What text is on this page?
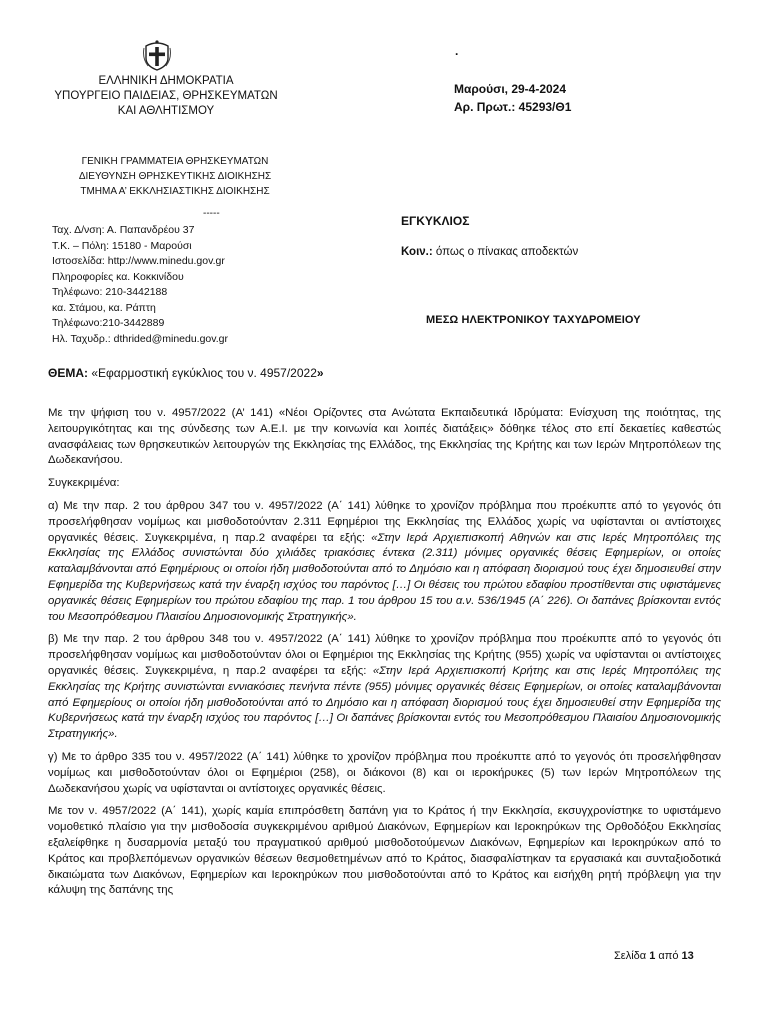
ΕΛΛΗΝΙΚΗ ΔΗΜΟΚΡΑΤΙΑ
ΥΠΟΥΡΓΕΙΟ ΠΑΙΔΕΙΑΣ, ΘΡΗΣΚΕΥΜΑΤΩΝ
ΚΑΙ ΑΘΛΗΤΙΣΜΟΥ
ΓΕΝΙΚΗ ΓΡΑΜΜΑΤΕΙΑ ΘΡΗΣΚΕΥΜΑΤΩΝ
ΔΙΕΥΘΥΝΣΗ ΘΡΗΣΚΕΥΤΙΚΗΣ ΔΙΟΙΚΗΣΗΣ
ΤΜΗΜΑ Α’ ΕΚΚΛΗΣΙΑΣΤΙΚΗΣ ΔΙΟΙΚΗΣΗΣ
-----
Ταχ. Δ/νση: Α. Παπανδρέου 37
Τ.Κ. – Πόλη: 15180 - Μαρούσι
Ιστοσελίδα: http://www.minedu.gov.gr
Πληροφορίες κα. Κοκκινίδου
Τηλέφωνο: 210-3442188
κα. Στάμου, κα. Ράπτη
Τηλέφωνο:210-3442889
Ηλ. Ταχυδρ.: dthrided@minedu.gov.gr
.
Μαρούσι, 29-4-2024
Αρ. Πρωτ.: 45293/Θ1
ΕΓΚΥΚΛΙΟΣ
Κοιν.: όπως ο πίνακας αποδεκτών
ΜΕΣΩ ΗΛΕΚΤΡΟΝΙΚΟΥ ΤΑΧΥΔΡΟΜΕΙΟΥ
ΘΕΜΑ: «Εφαρμοστική εγκύκλιος του ν. 4957/2022»

Με την ψήφιση του ν. 4957/2022 (Α’ 141) «Νέοι Ορίζοντες στα Ανώτατα Εκπαιδευτικά Ιδρύματα: Ενίσχυση της ποιότητας, της λειτουργικότητας και της σύνδεσης των Α.Ε.Ι. με την κοινωνία και λοιπές διατάξεις» δόθηκε τέλος στο επί δεκαετίες καθεστώς ανασφάλειας των θρησκευτικών λειτουργών της Εκκλησίας της Ελλάδος, της Εκκλησίας της Κρήτης και των Ιερών Μητροπόλεων της Δωδεκανήσου.

Συγκεκριμένα:

α) Με την παρ. 2 του άρθρου 347 του ν. 4957/2022 (Α΄ 141) λύθηκε το χρονίζον πρόβλημα που προέκυπτε από το γεγονός ότι προσελήφθησαν νομίμως και μισθοδοτούνταν 2.311 Εφημέριοι της Εκκλησίας της Ελλάδος χωρίς να υφίστανται οι αντίστοιχες οργανικές θέσεις. Συγκεκριμένα, η παρ.2 αναφέρει τα εξής: «Στην Ιερά Αρχιεπισκοπή Αθηνών και στις Ιερές Μητροπόλεις της Εκκλησίας της Ελλάδος συνιστώνται δύο χιλιάδες τριακόσιες έντεκα (2.311) μόνιμες οργανικές θέσεις Εφημερίων, οι οποίες καταλαμβάνονται από Εφημέριους οι οποίοι ήδη μισθοδοτούνται από το Δημόσιο και η απόφαση διορισμού τους έχει δημοσιευθεί στην Εφημερίδα της Κυβερνήσεως κατά την έναρξη ισχύος του παρόντος […] Οι θέσεις του πρώτου εδαφίου προστίθενται στις υφιστάμενες οργανικές θέσεις Εφημερίων του πρώτου εδαφίου της παρ. 1 του άρθρου 15 του α.ν. 536/1945 (Α΄ 226). Οι δαπάνες βρίσκονται εντός του Μεσοπρόθεσμου Πλαισίου Δημοσιονομικής Στρατηγικής».

β) Με την παρ. 2 του άρθρου 348 του ν. 4957/2022 (Α΄ 141) λύθηκε το χρονίζον πρόβλημα που προέκυπτε από το γεγονός ότι προσελήφθησαν νομίμως και μισθοδοτούνταν όλοι οι Εφημέριοι της Εκκλησίας της Κρήτης (955) χωρίς να υφίστανται οι αντίστοιχες οργανικές θέσεις. Συγκεκριμένα, η παρ.2 αναφέρει τα εξής: «Στην Ιερά Αρχιεπισκοπή Κρήτης και στις Ιερές Μητροπόλεις της Εκκλησίας της Κρήτης συνιστώνται εννιακόσιες πενήντα πέντε (955) μόνιμες οργανικές θέσεις Εφημερίων, οι οποίες καταλαμβάνονται από Εφημερίους οι οποίοι ήδη μισθοδοτούνται από το Δημόσιο και η απόφαση διορισμού τους έχει δημοσιευθεί στην Εφημερίδα της Κυβερνήσεως κατά την έναρξη ισχύος του παρόντος […] Οι δαπάνες βρίσκονται εντός του Μεσοπρόθεσμου Πλαισίου Δημοσιονομικής Στρατηγικής».

γ) Με το άρθρο 335 του ν. 4957/2022 (Α΄ 141) λύθηκε το χρονίζον πρόβλημα που προέκυπτε από το γεγονός ότι προσελήφθησαν νομίμως και μισθοδοτούνταν όλοι οι Εφημέριοι (258), οι διάκονοι (8) και οι ιεροκήρυκες (5) των Ιερών Μητροπόλεων της Δωδεκανήσου χωρίς να υφίστανται οι αντίστοιχες οργανικές θέσεις.

Με τον ν. 4957/2022 (Α΄ 141), χωρίς καμία επιπρόσθετη δαπάνη για το Κράτος ή την Εκκλησία, εκσυγχρονίστηκε το υφιστάμενο νομοθετικό πλαίσιο για την μισθοδοσία συγκεκριμένου αριθμού Διακόνων, Εφημερίων και Ιεροκηρύκων της Ορθοδόξου Εκκλησίας εξαλείφθηκε η δυσαρμονία μεταξύ του πραγματικού αριθμού μισθοδοτούμενων Διακόνων, Εφημερίων και Ιεροκηρύκων από το Κράτος και προβλεπόμενων οργανικών θέσεων θεσμοθετημένων από το Κράτος, διασφαλίστηκαν τα εργασιακά και συνταξιοδοτικά δικαιώματα των Διακόνων, Εφημερίων και Ιεροκηρύκων που μισθοδοτούνται από το Κράτος και εισήχθη ρητή πρόβλεψη για την κάλυψη της δαπάνης της

Σελίδα 1 από 13
